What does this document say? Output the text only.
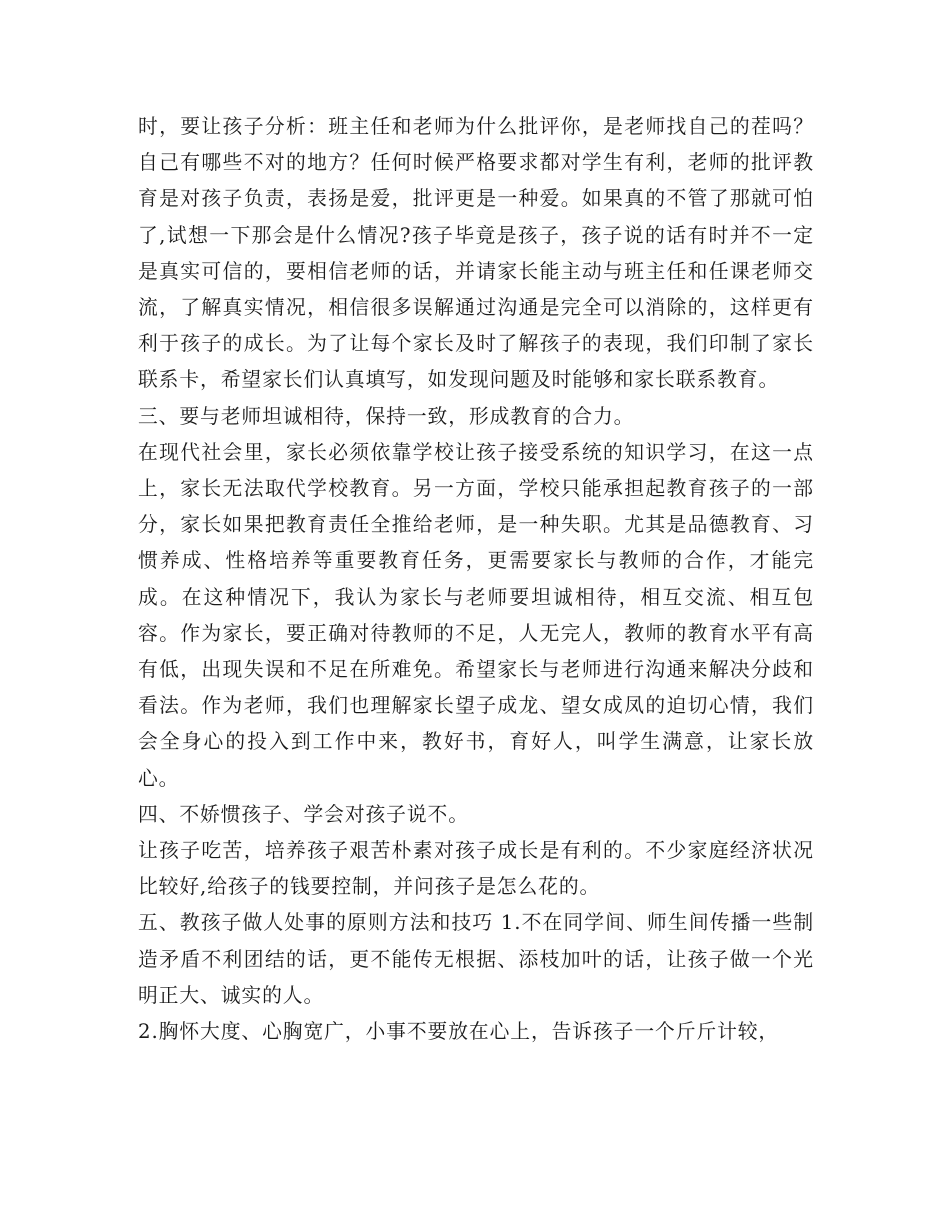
时，要让孩子分析：班主任和老师为什么批评你，是老师找自己的茬吗？自己有哪些不对的地方？任何时候严格要求都对学生有利，老师的批评教育是对孩子负责，表扬是爱，批评更是一种爱。如果真的不管了那就可怕了,试想一下那会是什么情况?孩子毕竟是孩子，孩子说的话有时并不一定是真实可信的，要相信老师的话，并请家长能主动与班主任和任课老师交流，了解真实情况，相信很多误解通过沟通是完全可以消除的，这样更有利于孩子的成长。为了让每个家长及时了解孩子的表现，我们印制了家长联系卡，希望家长们认真填写，如发现问题及时能够和家长联系教育。

三、要与老师坦诚相待，保持一致，形成教育的合力。

在现代社会里，家长必须依靠学校让孩子接受系统的知识学习，在这一点上，家长无法取代学校教育。另一方面，学校只能承担起教育孩子的一部分，家长如果把教育责任全推给老师，是一种失职。尤其是品德教育、习惯养成、性格培养等重要教育任务，更需要家长与教师的合作，才能完成。在这种情况下，我认为家长与老师要坦诚相待，相互交流、相互包容。作为家长，要正确对待教师的不足，人无完人，教师的教育水平有高有低，出现失误和不足在所难免。希望家长与老师进行沟通来解决分歧和看法。作为老师，我们也理解家长望子成龙、望女成凤的迫切心情，我们会全身心的投入到工作中来，教好书，育好人，叫学生满意，让家长放心。

四、不娇惯孩子、学会对孩子说不。

让孩子吃苦，培养孩子艰苦朴素对孩子成长是有利的。不少家庭经济状况比较好,给孩子的钱要控制，并问孩子是怎么花的。

五、教孩子做人处事的原则方法和技巧 1.不在同学间、师生间传播一些制造矛盾不利团结的话，更不能传无根据、添枝加叶的话，让孩子做一个光明正大、诚实的人。

2.胸怀大度、心胸宽广，小事不要放在心上，告诉孩子一个斤斤计较，
